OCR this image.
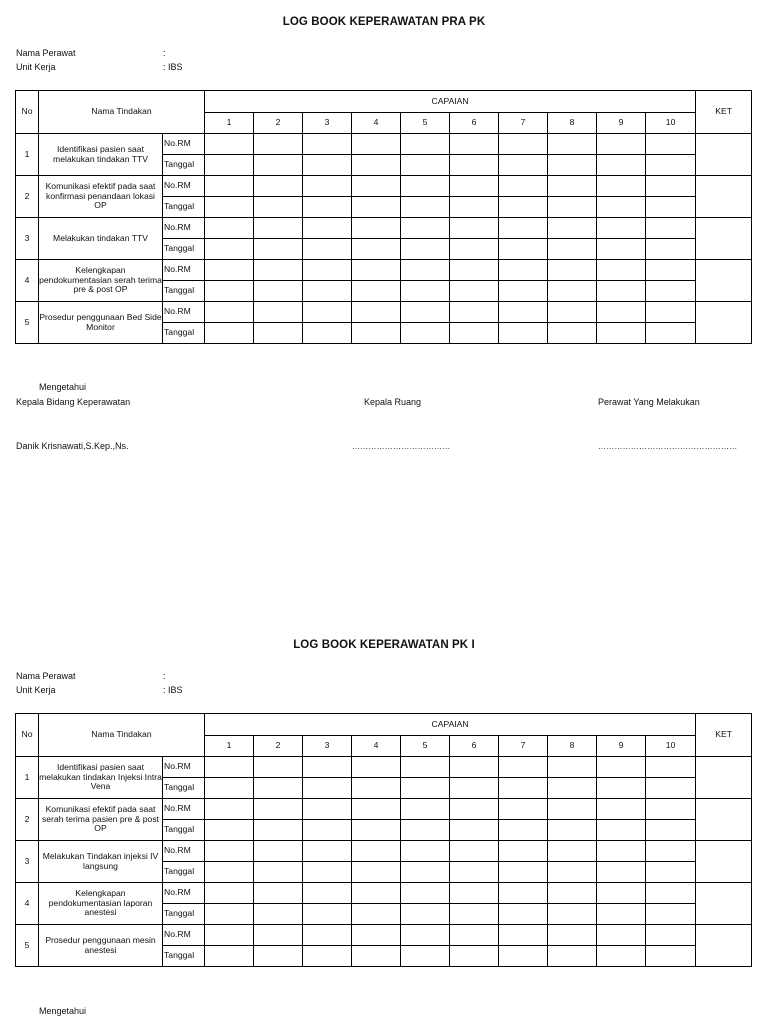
LOG BOOK KEPERAWATAN PRA PK
Nama Perawat	:
Unit Kerja	: IBS
No	Nama Tindakan		CAPAIAN										KET
			1	2	3	4	5	6	7	8	9	10	
1	Identifikasi pasien saat melakukan tindakan TTV	No.RM											
		Tanggal											
2	Komunikasi efektif pada saat konfirmasi penandaan lokasi OP	No.RM											
		Tanggal											
3	Melakukan tindakan TTV	No.RM											
		Tanggal											
4	Kelengkapan pendokumentasian serah terima pre & post OP	No.RM											
		Tanggal											
5	Prosedur penggunaan Bed Side Monitor	No.RM											
		Tanggal											
Mengetahui
Kepala Bidang Keperawatan	Kepala Ruang	Perawat Yang Melakukan
Danik Krisnawati,S.Kep.,Ns.	………………………………	……………………………………………
LOG BOOK KEPERAWATAN PK I
Nama Perawat	:
Unit Kerja	: IBS
No	Nama Tindakan		CAPAIAN										KET
			1	2	3	4	5	6	7	8	9	10	
1	Identifikasi pasien saat melakukan tindakan Injeksi Intra Vena	No.RM											
		Tanggal											
2	Komunikasi efektif pada saat serah terima pasien pre & post OP	No.RM											
		Tanggal											
3	Melakukan Tindakan injeksi IV langsung	No.RM											
		Tanggal											
4	Kelengkapan pendokumentasian laporan anestesi	No.RM											
		Tanggal											
5	Prosedur penggunaan mesin anestesi	No.RM											
		Tanggal											
Mengetahui
